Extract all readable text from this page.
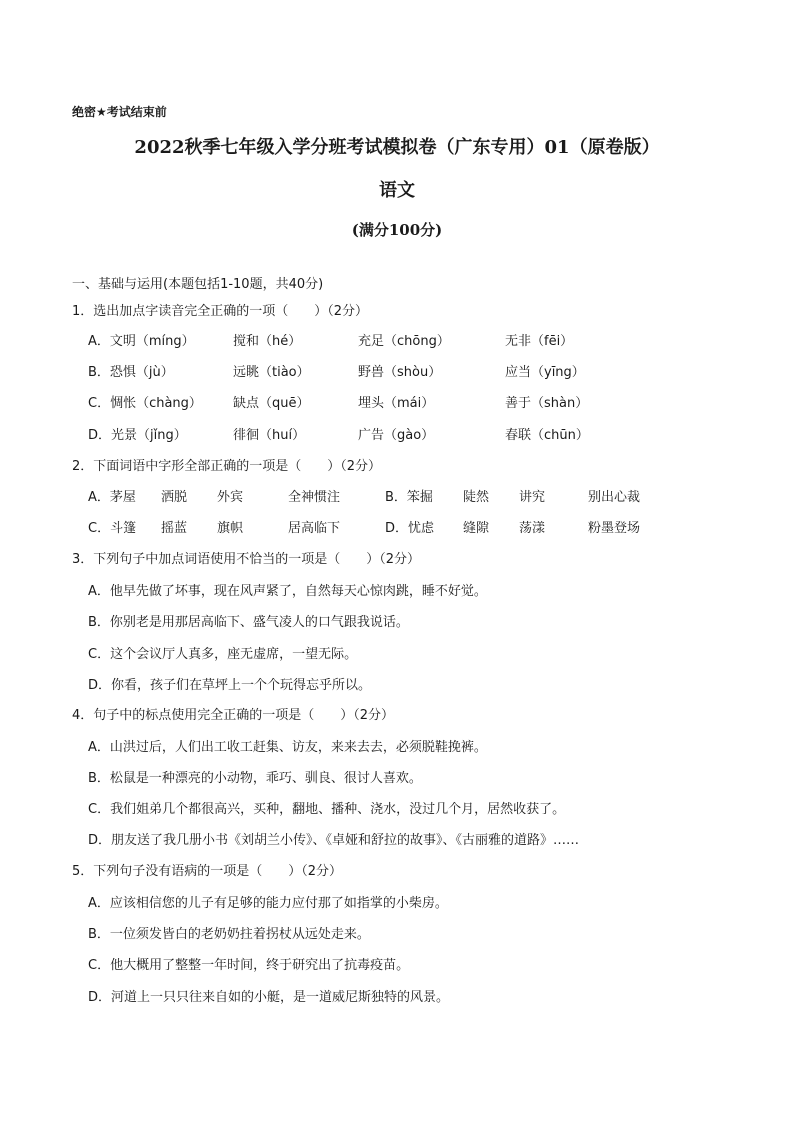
绝密★考试结束前
2022秋季七年级入学分班考试模拟卷（广东专用）01（原卷版）
语文
(满分100分)
一、基础与运用(本题包括1-10题，共40分)
1．选出加点字读音完全正确的一项（　　）（2分）
A．文明（míng）	搅和（hé）	充足（chōng）	无非（fēi）
B．恐惧（jù）	远眺（tiào）	野兽（shòu）	应当（yīng）
C．惆怅（chàng） 缺点（quē）	埋头（mái）	善于（shàn）
D．光景（jǐng）	徘徊（huí）	广告（gào）	春联（chūn）
2．下面词语中字形全部正确的一项是（　　）（2分）
A．茅屋 洒脱 外宾	全神惯注	B．笨掘 陡然 讲究	别出心裁
C．斗篷 摇蓝 旗帜	居高临下	D．忧虑 缝隙 荡漾	粉墨登场
3．下列句子中加点词语使用不恰当的一项是（　　）（2分）
A．他早先做了坏事，现在风声紧了，自然每天心惊肉跳，睡不好觉。
B．你别老是用那居高临下、盛气凌人的口气跟我说话。
C．这个会议厅人真多，座无虚席，一望无际。
D．你看，孩子们在草坪上一个个玩得忘乎所以。
4．句子中的标点使用完全正确的一项是（　　）（2分）
A．山洪过后，人们出工收工赶集、访友，来来去去，必须脱鞋挽裤。
B．松鼠是一种漂亮的小动物，乖巧、驯良、很讨人喜欢。
C．我们姐弟几个都很高兴，买种，翻地、播种、浇水，没过几个月，居然收获了。
D．朋友送了我几册小书《刘胡兰小传》、《卓娅和舒拉的故事》、《古丽雅的道路》……
5．下列句子没有语病的一项是（　　）（2分）
A．应该相信您的儿子有足够的能力应付那了如指掌的小柴房。
B．一位须发皆白的老奶奶拄着拐杖从远处走来。
C．他大概用了整整一年时间，终于研究出了抗毒疫苗。
D．河道上一只只往来自如的小艇，是一道威尼斯独特的风景。
